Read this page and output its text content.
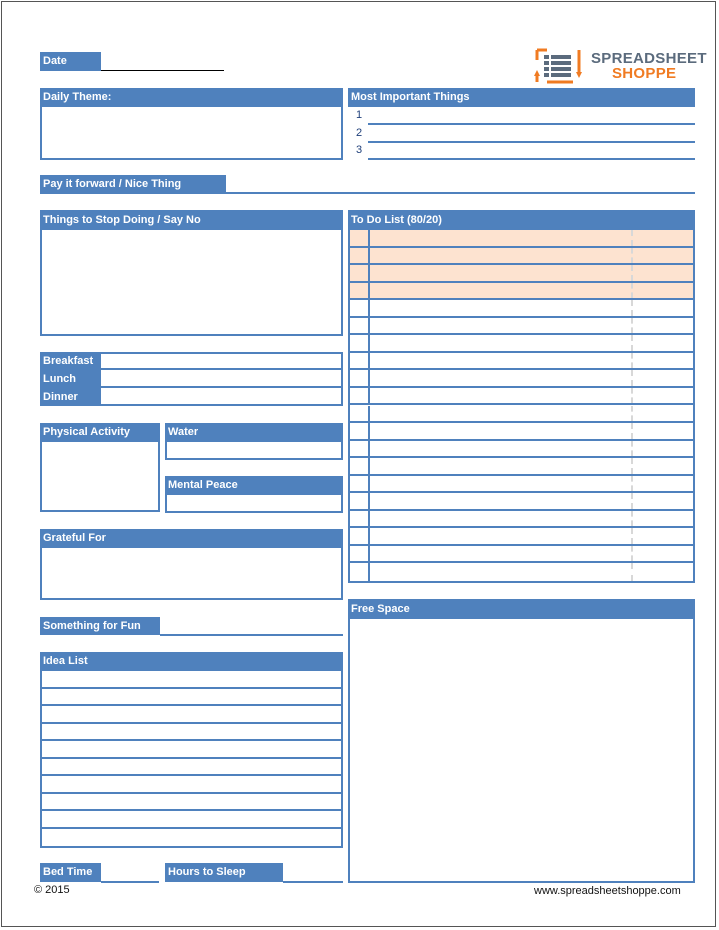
Date	SPREADSHEET
SHOPPE
Daily Theme:	Most Important Things
1
2
3
Pay it forward / Nice Thing
Things to Stop Doing / Say No	To Do List (80/20)
Breakfast
Lunch
Dinner
Physical Activity	Water
Mental Peace
Grateful For
Something for Fun
Idea List
Free Space
Bed Time	Hours to Sleep
© 2015	www.spreadsheetshoppe.com
